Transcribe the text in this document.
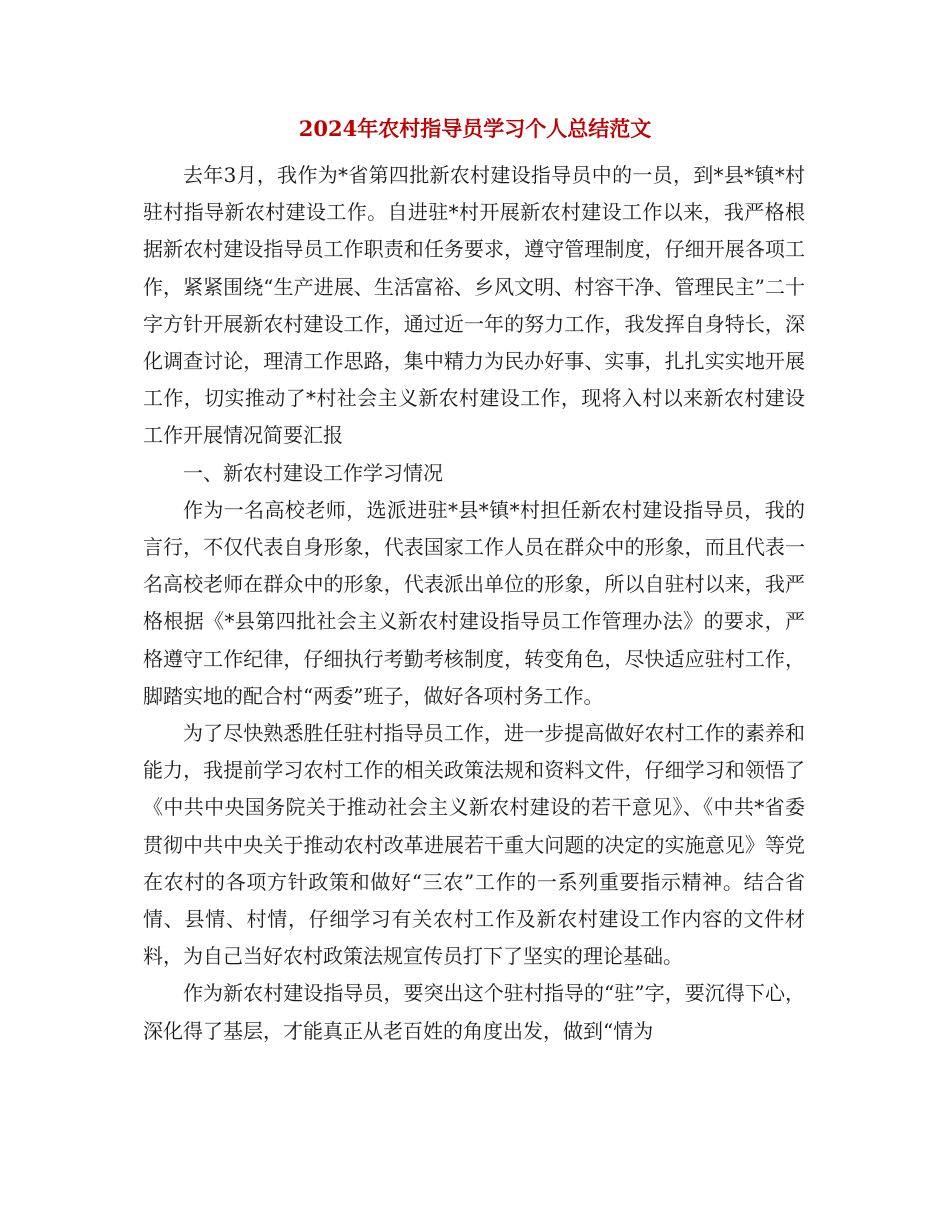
2024年农村指导员学习个人总结范文

去年3月，我作为*省第四批新农村建设指导员中的一员，到*县*镇*村驻村指导新农村建设工作。自进驻*村开展新农村建设工作以来，我严格根据新农村建设指导员工作职责和任务要求，遵守管理制度，仔细开展各项工作，紧紧围绕“生产进展、生活富裕、乡风文明、村容干净、管理民主”二十字方针开展新农村建设工作，通过近一年的努力工作，我发挥自身特长，深化调查讨论，理清工作思路，集中精力为民办好事、实事，扎扎实实地开展工作，切实推动了*村社会主义新农村建设工作，现将入村以来新农村建设工作开展情况简要汇报

一、新农村建设工作学习情况

作为一名高校老师，选派进驻*县*镇*村担任新农村建设指导员，我的言行，不仅代表自身形象，代表国家工作人员在群众中的形象，而且代表一名高校老师在群众中的形象，代表派出单位的形象，所以自驻村以来，我严格根据《*县第四批社会主义新农村建设指导员工作管理办法》的要求，严格遵守工作纪律，仔细执行考勤考核制度，转变角色，尽快适应驻村工作，脚踏实地的配合村“两委”班子，做好各项村务工作。

为了尽快熟悉胜任驻村指导员工作，进一步提高做好农村工作的素养和能力，我提前学习农村工作的相关政策法规和资料文件，仔细学习和领悟了《中共中央国务院关于推动社会主义新农村建设的若干意见》、《中共*省委贯彻中共中央关于推动农村改革进展若干重大问题的决定的实施意见》等党在农村的各项方针政策和做好“三农”工作的一系列重要指示精神。结合省情、县情、村情，仔细学习有关农村工作及新农村建设工作内容的文件材料，为自己当好农村政策法规宣传员打下了坚实的理论基础。

作为新农村建设指导员，要突出这个驻村指导的“驻”字，要沉得下心，深化得了基层，才能真正从老百姓的角度出发，做到“情为
